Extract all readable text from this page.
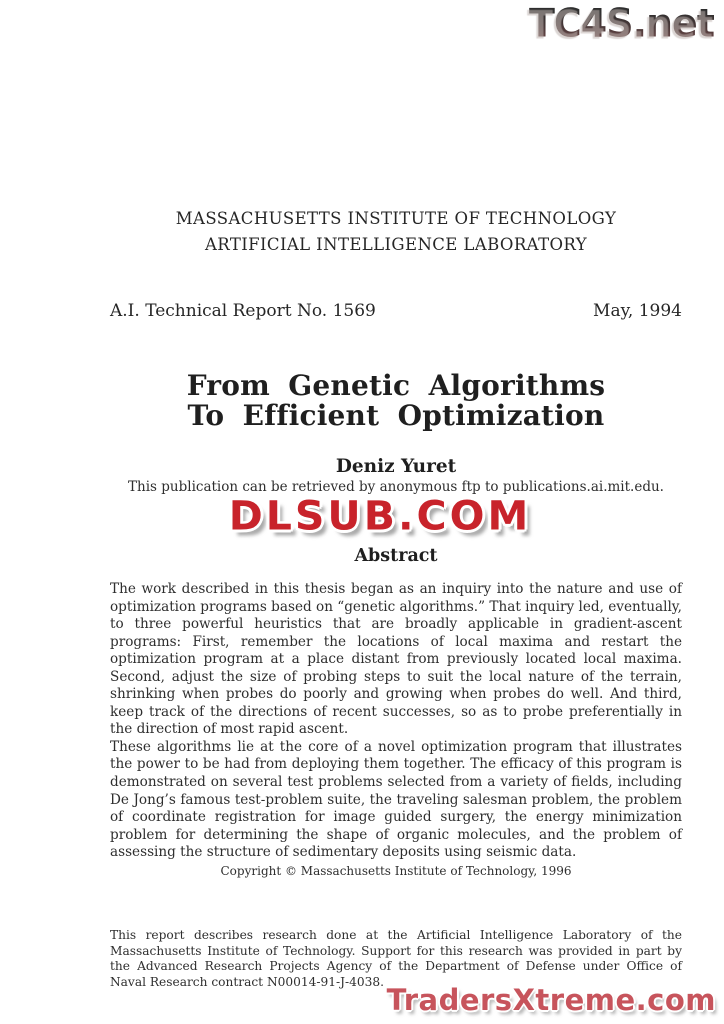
TC4S.net
MASSACHUSETTS INSTITUTE OF TECHNOLOGY
ARTIFICIAL INTELLIGENCE LABORATORY
A.I. Technical Report No. 1569	May, 1994
From Genetic Algorithms
To Efficient Optimization
Deniz Yuret
This publication can be retrieved by anonymous ftp to publications.ai.mit.edu.
DLSUB.COM
Abstract

The work described in this thesis began as an inquiry into the nature and use of optimization programs based on “genetic algorithms.” That inquiry led, eventually, to three powerful heuristics that are broadly applicable in gradient-ascent programs: First, remember the locations of local maxima and restart the optimization program at a place distant from previously located local maxima. Second, adjust the size of probing steps to suit the local nature of the terrain, shrinking when probes do poorly and growing when probes do well. And third, keep track of the directions of recent successes, so as to probe preferentially in the direction of most rapid ascent.

These algorithms lie at the core of a novel optimization program that illustrates the power to be had from deploying them together. The efficacy of this program is demonstrated on several test problems selected from a variety of fields, including De Jong’s famous test-problem suite, the traveling salesman problem, the problem of coordinate registration for image guided surgery, the energy minimization problem for determining the shape of organic molecules, and the problem of assessing the structure of sedimentary deposits using seismic data.

Copyright © Massachusetts Institute of Technology, 1996
This report describes research done at the Artificial Intelligence Laboratory of the Massachusetts Institute of Technology. Support for this research was provided in part by the Advanced Research Projects Agency of the Department of Defense under Office of Naval Research contract N00014-91-J-4038.
TradersXtreme.com
